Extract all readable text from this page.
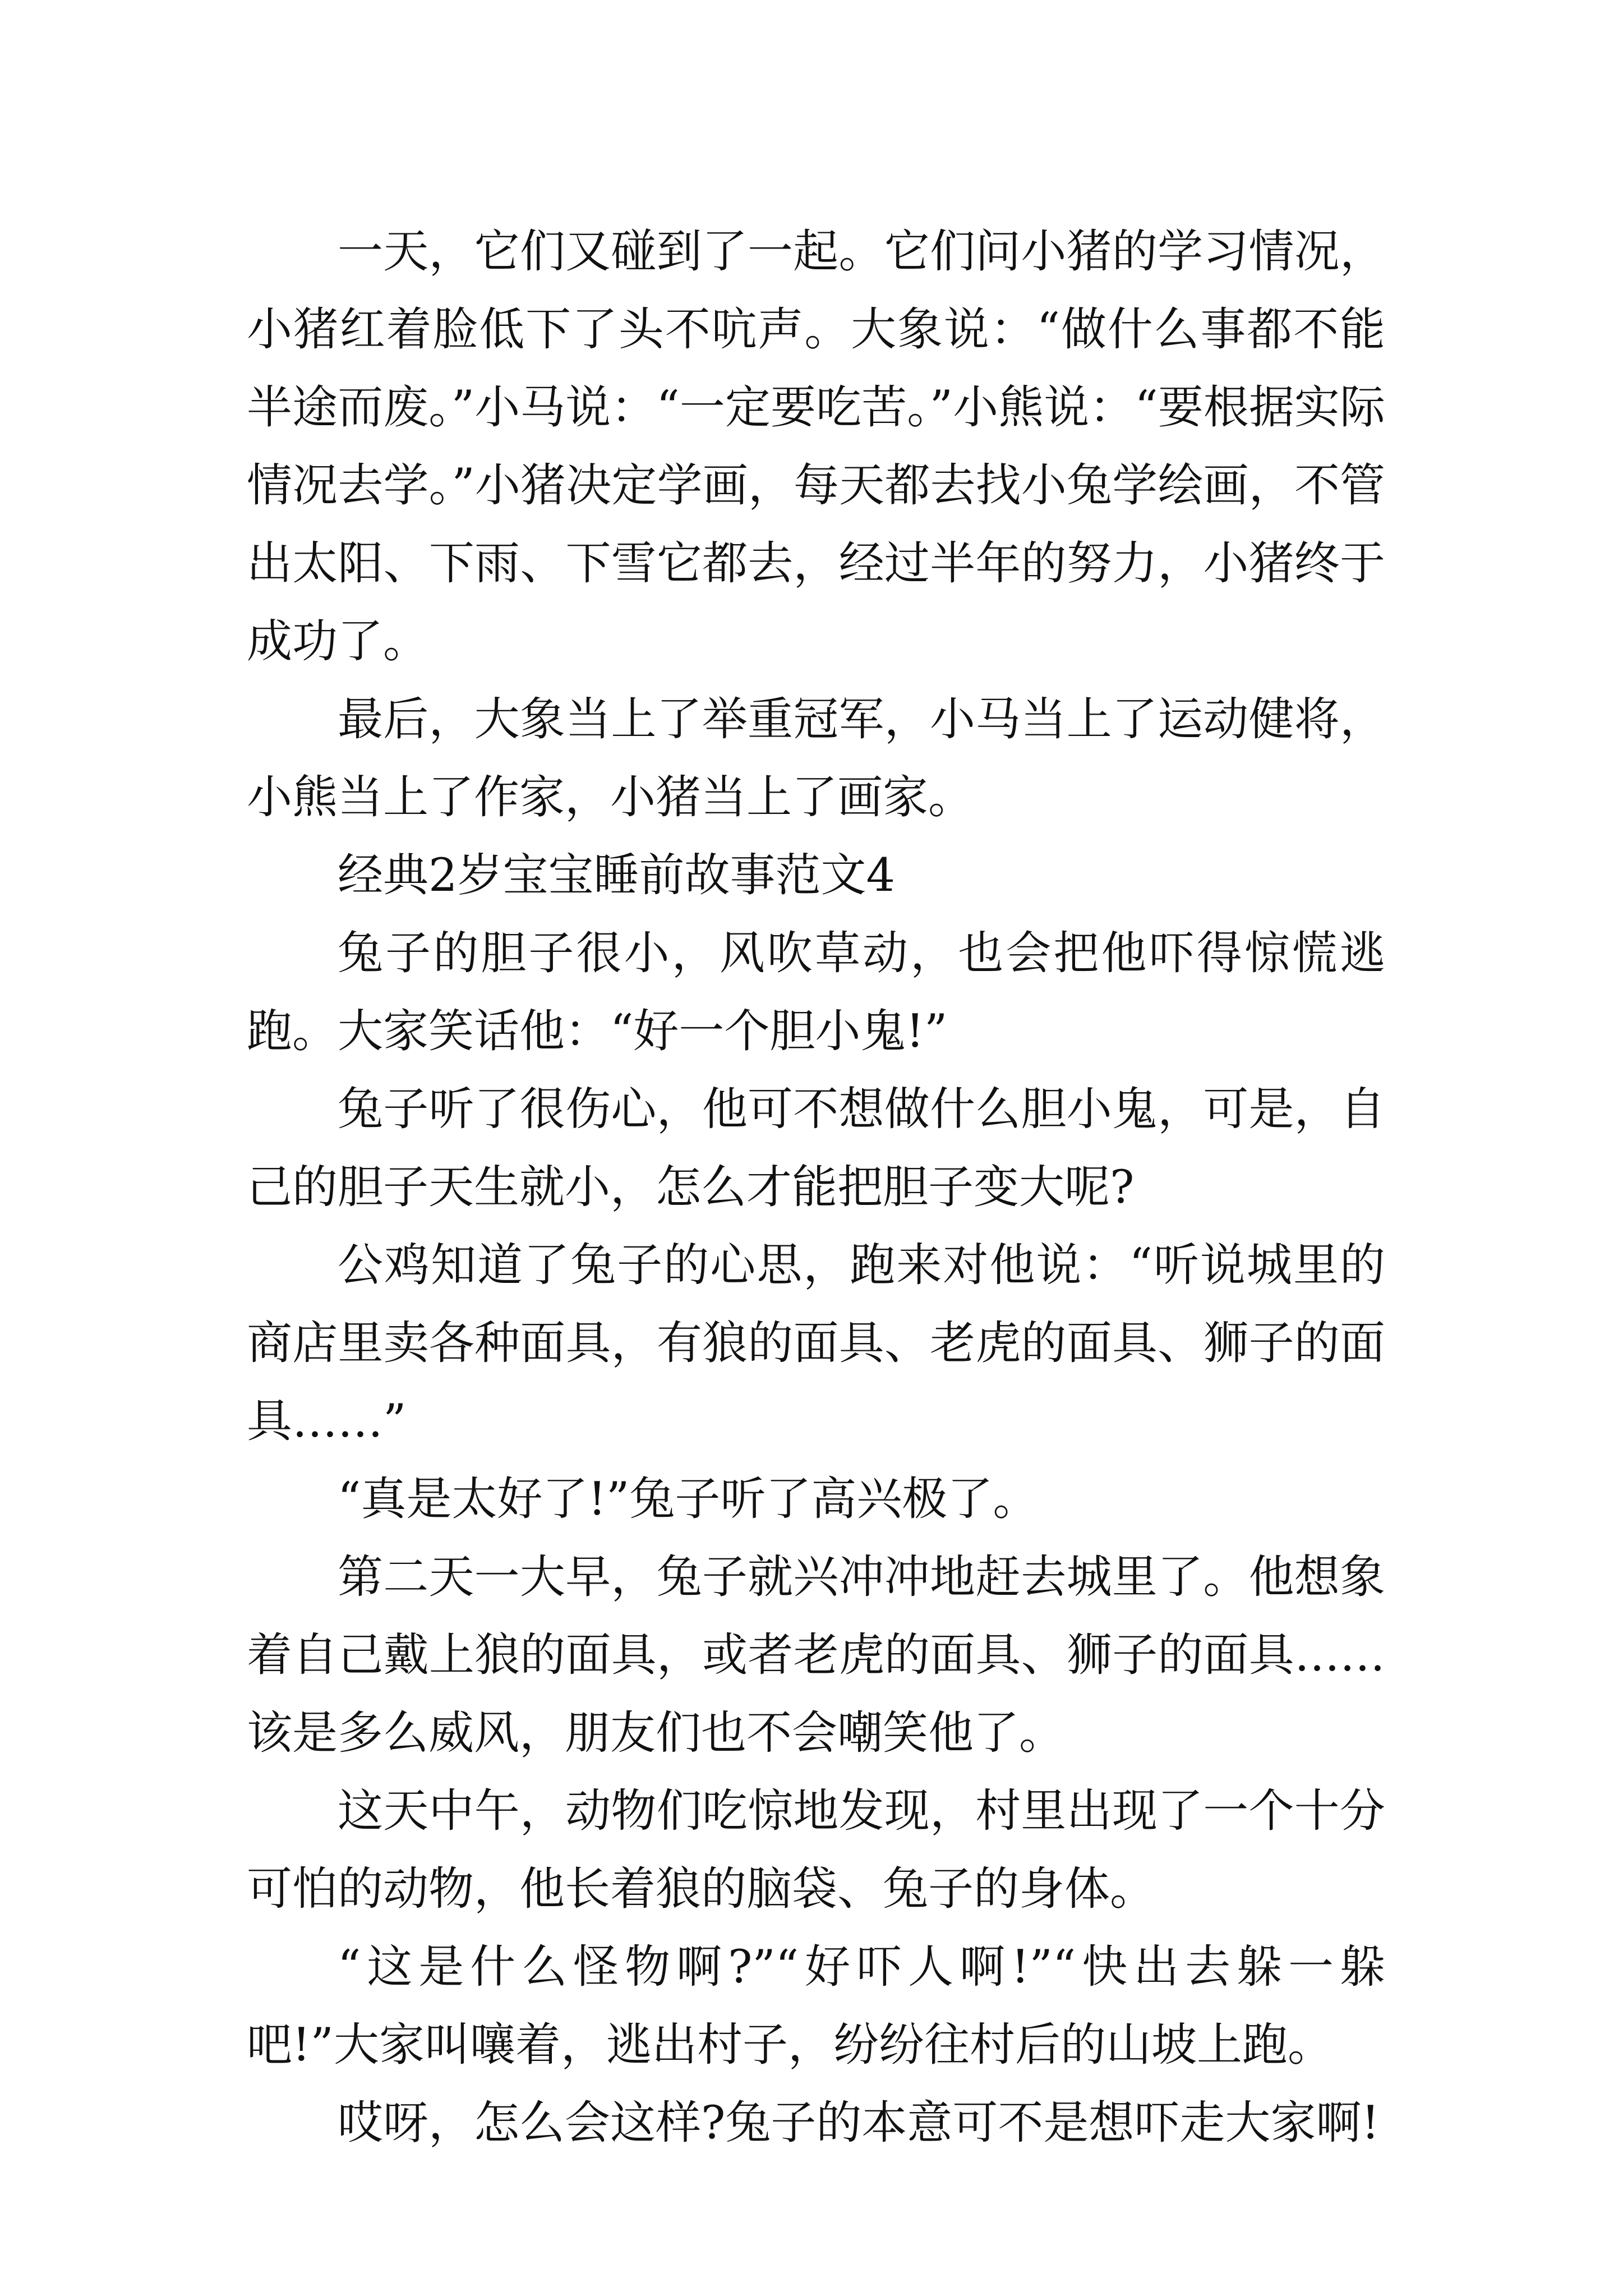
一天，它们又碰到了一起。它们问小猪的学习情况，小猪红着脸低下了头不吭声。大象说：“做什么事都不能半途而废。”小马说：“一定要吃苦。”小熊说：“要根据实际情况去学。”小猪决定学画，每天都去找小兔学绘画，不管出太阳、下雨、下雪它都去，经过半年的努力，小猪终于成功了。

最后，大象当上了举重冠军，小马当上了运动健将，小熊当上了作家，小猪当上了画家。

经典2岁宝宝睡前故事范文4

兔子的胆子很小，风吹草动，也会把他吓得惊慌逃跑。大家笑话他：“好一个胆小鬼!”

兔子听了很伤心，他可不想做什么胆小鬼，可是，自己的胆子天生就小，怎么才能把胆子变大呢?

公鸡知道了兔子的心思，跑来对他说：“听说城里的商店里卖各种面具，有狼的面具、老虎的面具、狮子的面具……”

“真是太好了!”兔子听了高兴极了。

第二天一大早，兔子就兴冲冲地赶去城里了。他想象着自己戴上狼的面具，或者老虎的面具、狮子的面具……该是多么威风，朋友们也不会嘲笑他了。

这天中午，动物们吃惊地发现，村里出现了一个十分可怕的动物，他长着狼的脑袋、兔子的身体。

“这是什么怪物啊?”“好吓人啊!”“快出去躲一躲吧!”大家叫嚷着，逃出村子，纷纷往村后的山坡上跑。

哎呀，怎么会这样?兔子的本意可不是想吓走大家啊!
